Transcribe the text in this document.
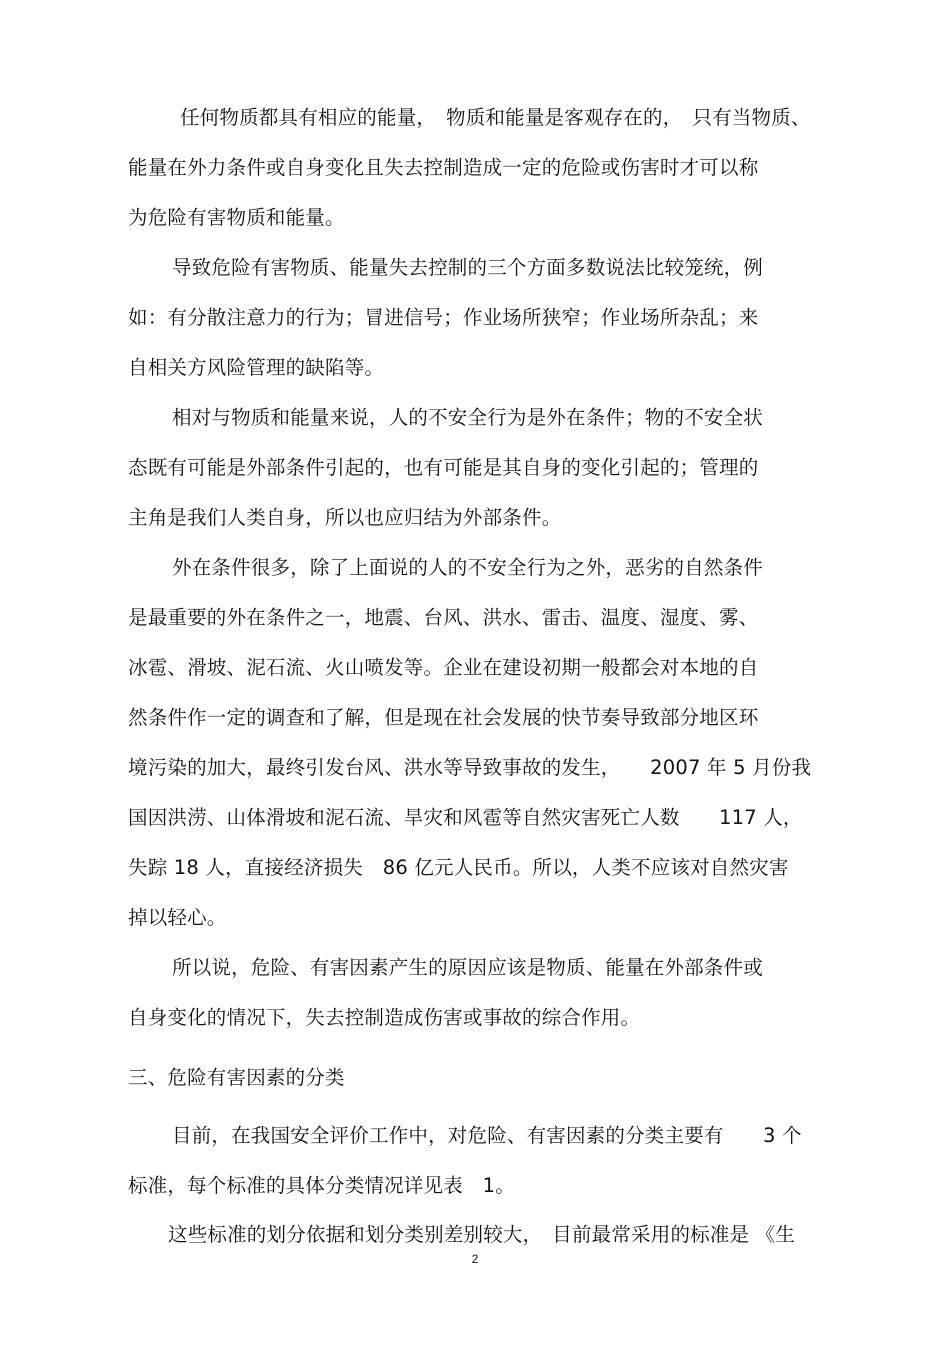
任何物质都具有相应的能量，　物质和能量是客观存在的，　只有当物质、
能量在外力条件或自身变化且失去控制造成一定的危险或伤害时才可以称
为危险有害物质和能量。
导致危险有害物质、能量失去控制的三个方面多数说法比较笼统，例
如：有分散注意力的行为；冒进信号；作业场所狭窄；作业场所杂乱；来
自相关方风险管理的缺陷等。
相对与物质和能量来说，人的不安全行为是外在条件；物的不安全状
态既有可能是外部条件引起的，也有可能是其自身的变化引起的；管理的
主角是我们人类自身，所以也应归结为外部条件。
外在条件很多，除了上面说的人的不安全行为之外，恶劣的自然条件
是最重要的外在条件之一，地震、台风、洪水、雷击、温度、湿度、雾、
冰雹、滑坡、泥石流、火山喷发等。企业在建设初期一般都会对本地的自
然条件作一定的调查和了解，但是现在社会发展的快节奏导致部分地区环
境污染的加大，最终引发台风、洪水等导致事故的发生，　　2007 年 5 月份我
国因洪涝、山体滑坡和泥石流、旱灾和风雹等自然灾害死亡人数　　117 人，
失踪 18 人，直接经济损失　86 亿元人民币。所以，人类不应该对自然灾害
掉以轻心。
所以说，危险、有害因素产生的原因应该是物质、能量在外部条件或
自身变化的情况下，失去控制造成伤害或事故的综合作用。
三、危险有害因素的分类
目前，在我国安全评价工作中，对危险、有害因素的分类主要有　　3 个
标准，每个标准的具体分类情况详见表　1。
这些标准的划分依据和划分类别差别较大，　目前最常采用的标准是 《生
2
